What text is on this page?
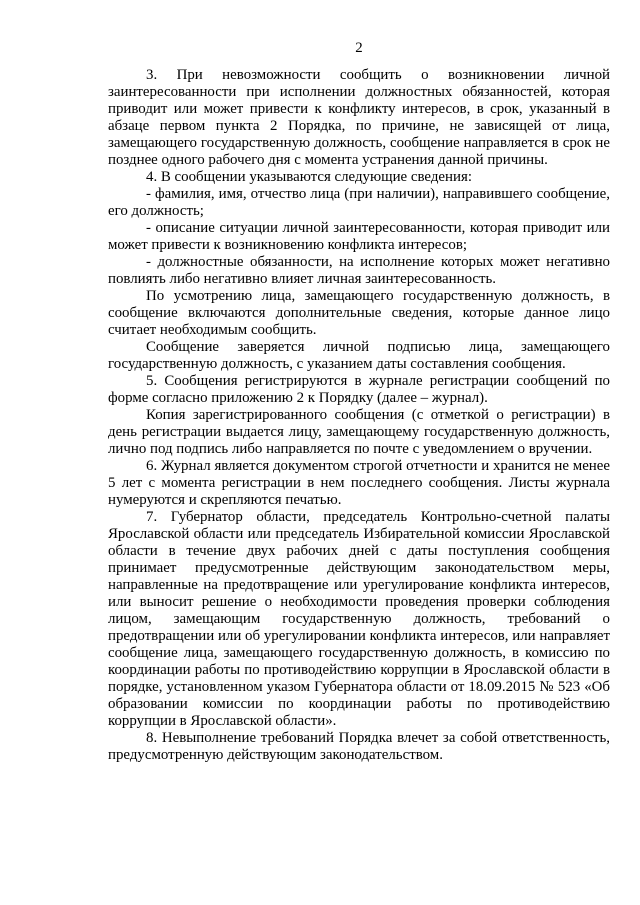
2

3. При невозможности сообщить о возникновении личной заинтересованности при исполнении должностных обязанностей, которая приводит или может привести к конфликту интересов, в срок, указанный в абзаце первом пункта 2 Порядка, по причине, не зависящей от лица, замещающего государственную должность, сообщение направляется в срок не позднее одного рабочего дня с момента устранения данной причины.

4. В сообщении указываются следующие сведения:

- фамилия, имя, отчество лица (при наличии), направившего сообщение, его должность;

- описание ситуации личной заинтересованности, которая приводит или может привести к возникновению конфликта интересов;

- должностные обязанности, на исполнение которых может негативно повлиять либо негативно влияет личная заинтересованность.

По усмотрению лица, замещающего государственную должность, в сообщение включаются дополнительные сведения, которые данное лицо считает необходимым сообщить.

Сообщение заверяется личной подписью лица, замещающего государственную должность, с указанием даты составления сообщения.

5. Сообщения регистрируются в журнале регистрации сообщений по форме согласно приложению 2 к Порядку (далее – журнал).

Копия зарегистрированного сообщения (с отметкой о регистрации) в день регистрации выдается лицу, замещающему государственную должность, лично под подпись либо направляется по почте с уведомлением о вручении.

6. Журнал является документом строгой отчетности и хранится не менее 5 лет с момента регистрации в нем последнего сообщения. Листы журнала нумеруются и скрепляются печатью.

7. Губернатор области, председатель Контрольно-счетной палаты Ярославской области или председатель Избирательной комиссии Ярославской области в течение двух рабочих дней с даты поступления сообщения принимает предусмотренные действующим законодательством меры, направленные на предотвращение или урегулирование конфликта интересов, или выносит решение о необходимости проведения проверки соблюдения лицом, замещающим государственную должность, требований о предотвращении или об урегулировании конфликта интересов, или направляет сообщение лица, замещающего государственную должность, в комиссию по координации работы по противодействию коррупции в Ярославской области в порядке, установленном указом Губернатора области от 18.09.2015 № 523 «Об образовании комиссии по координации работы по противодействию коррупции в Ярославской области».

8. Невыполнение требований Порядка влечет за собой ответственность, предусмотренную действующим законодательством.
